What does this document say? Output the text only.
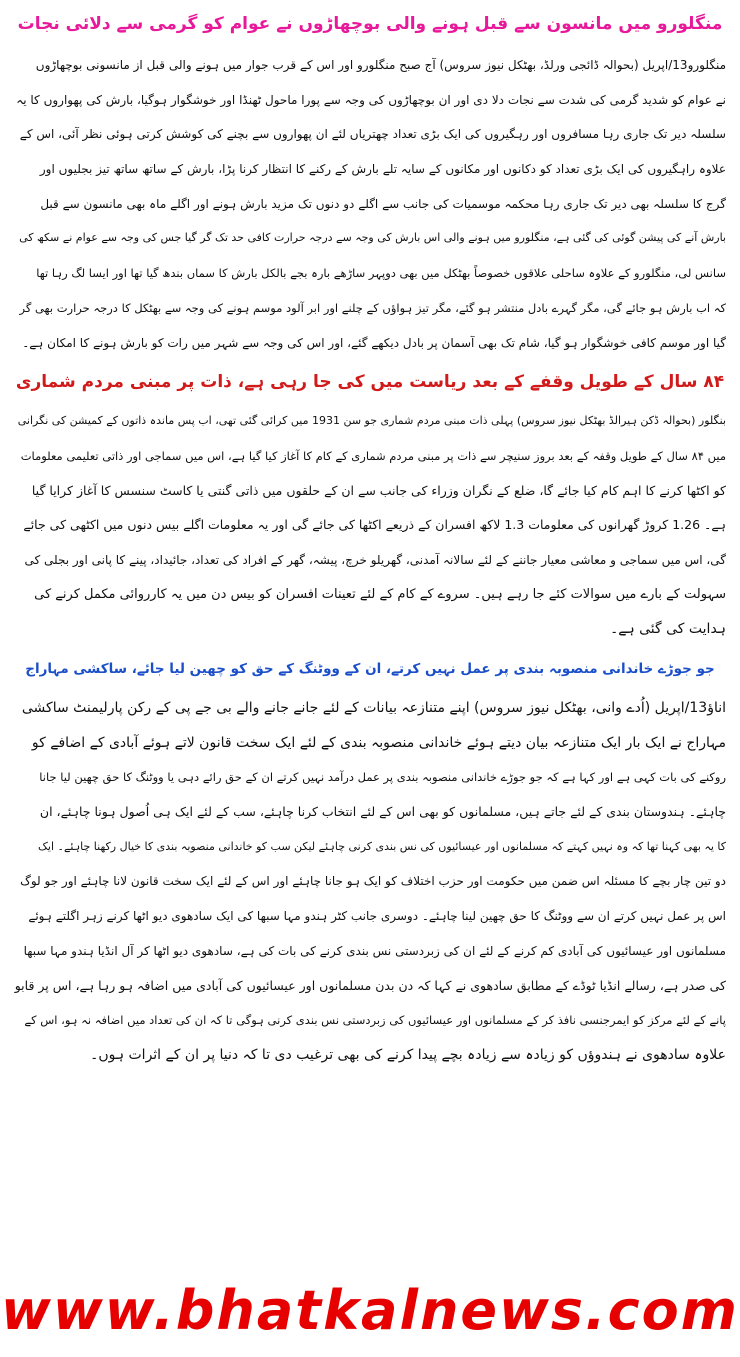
منگلورو میں مانسون سے قبل ہونے والی بوچھاڑوں نے عوام کو گرمی سے دلائی نجات
منگلورو13/اپریل (بحوالہ ڈائجی ورلڈ، بھٹکل نیوز سروس) آج صبح منگلورو اور اس کے قرب جوار میں ہونے والی قبل از مانسونی بوچھاڑوں
نے عوام کو شدید گرمی کی شدت سے نجات دلا دی اور ان بوچھاڑوں کی وجہ سے پورا ماحول ٹھنڈا اور خوشگوار ہوگیا، بارش کی پھواروں کا یہ
سلسلہ دیر تک جاری رہا مسافروں اور رہگیروں کی ایک بڑی تعداد چھتریاں لئے ان پھواروں سے بچنے کی کوشش کرتی ہوئی نظر آئی، اس کے
علاوہ راہگیروں کی ایک بڑی تعداد کو دکانوں اور مکانوں کے سایہ تلے بارش کے رکنے کا انتظار کرنا پڑا، بارش کے ساتھ ساتھ تیز بجلیوں اور
گرج کا سلسلہ بھی دیر تک جاری رہا محکمہ موسمیات کی جانب سے اگلے دو دنوں تک مزید بارش ہونے اور اگلے ماہ بھی مانسون سے قبل
بارش آنے کی پیشن گوئی کی گئی ہے، منگلورو میں ہونے والی اس بارش کی وجہ سے درجہ حرارت کافی حد تک گر گیا جس کی وجہ سے عوام نے سکھ کی
سانس لی، منگلورو کے علاوہ ساحلی علاقوں خصوصاً بھٹکل میں بھی دوپہر ساڑھے بارہ بجے بالکل بارش کا سماں بندھ گیا تھا اور ایسا لگ رہا تھا
کہ اب بارش ہو جائے گی، مگر گہرے بادل منتشر ہو گئے، مگر تیز ہواؤں کے چلنے اور ابر آلود موسم ہونے کی وجہ سے بھٹکل کا درجہ حرارت بھی گر
گیا اور موسم کافی خوشگوار ہو گیا، شام تک بھی آسمان پر بادل دیکھے گئے، اور اس کی وجہ سے شہر میں رات کو بارش ہونے کا امکان ہے۔
۸۴ سال کے طویل وقفے کے بعد ریاست میں کی جا رہی ہے، ذات پر مبنی مردم شماری
بنگلور (بحوالہ ڈکن ہیرالڈ بھٹکل نیوز سروس) پہلی ذات مبنی مردم شماری جو سن 1931 میں کرائی گئی تھی، اب پس ماندہ ذاتوں کے کمیشن کی نگرانی
میں ۸۴ سال کے طویل وقفہ کے بعد بروز سنیچر سے ذات پر مبنی مردم شماری کے کام کا آغاز کیا گیا ہے، اس میں سماجی اور ذاتی تعلیمی معلومات
کو اکٹھا کرنے کا اہم کام کیا جائے گا، ضلع کے نگران وزراء کی جانب سے ان کے حلقوں میں ذاتی گنتی یا کاسٹ سنسس کا آغاز کرایا گیا
ہے۔ 1.26 کروڑ گھرانوں کی معلومات 1.3 لاکھ افسران کے ذریعے اکٹھا کی جائے گی اور یہ معلومات اگلے بیس دنوں میں اکٹھی کی جائے
گی، اس میں سماجی و معاشی معیار جاننے کے لئے سالانہ آمدنی، گھریلو خرچ، پیشہ، گھر کے افراد کی تعداد، جائیداد، پینے کا پانی اور بجلی کی
سہولت کے بارے میں سوالات کئے جا رہے ہیں۔ سروے کے کام کے لئے تعینات افسران کو بیس دن میں یہ کارروائی مکمل کرنے کی
ہدایت کی گئی ہے۔
جو جوڑے خاندانی منصوبہ بندی پر عمل نہیں کرتے، ان کے ووٹنگ کے حق کو چھین لیا جائے، ساکشی مہاراج
اناؤ13/اپریل (اُدے وانی، بھٹکل نیوز سروس) اپنے متنازعہ بیانات کے لئے جانے جانے والے بی جے پی کے رکن پارلیمنٹ ساکشی
مہاراج نے ایک بار ایک متنازعہ بیان دیتے ہوئے خاندانی منصوبہ بندی کے لئے ایک سخت قانون لاتے ہوئے آبادی کے اضافے کو
روکنے کی بات کہی ہے اور کہا ہے کہ جو جوڑے خاندانی منصوبہ بندی پر عمل درآمد نہیں کرتے ان کے حق رائے دہی یا ووٹنگ کا حق چھین لیا جانا
چاہئے۔ ہندوستان بندی کے لئے جاتے ہیں، مسلمانوں کو بھی اس کے لئے انتخاب کرنا چاہئے، سب کے لئے ایک ہی اُصول ہونا چاہئے، ان
کا یہ بھی کہنا تھا کہ وہ نہیں کہتے کہ مسلمانوں اور عیسائیوں کی نس بندی کرنی چاہئے لیکن سب کو خاندانی منصوبہ بندی کا خیال رکھنا چاہئے۔ ایک
دو تین چار بچے کا مسئلہ اس ضمن میں حکومت اور حزب اختلاف کو ایک ہو جانا چاہئے اور اس کے لئے ایک سخت قانون لانا چاہئے اور جو لوگ
اس پر عمل نہیں کرتے ان سے ووٹنگ کا حق چھین لینا چاہئے۔ دوسری جانب کٹر ہندو مہا سبھا کی ایک سادھوی دیو اٹھا کرنے زہر اگلتے ہوئے
مسلمانوں اور عیسائیوں کی آبادی کم کرنے کے لئے ان کی زبردستی نس بندی کرنے کی بات کی ہے، سادھوی دیو اٹھا کر آل انڈیا ہندو مہا سبھا
کی صدر ہے، رسالے انڈیا ٹوڈے کے مطابق سادھوی نے کہا کہ دن بدن مسلمانوں اور عیسائیوں کی آبادی میں اضافہ ہو رہا ہے، اس پر قابو
پانے کے لئے مرکز کو ایمرجنسی نافذ کر کے مسلمانوں اور عیسائیوں کی زبردستی نس بندی کرنی ہوگی تا کہ ان کی تعداد میں اضافہ نہ ہو، اس کے
علاوہ سادھوی نے ہندوؤں کو زیادہ سے زیادہ بچے پیدا کرنے کی بھی ترغیب دی تا کہ دنیا پر ان کے اثرات ہوں۔
www.bhatkalnews.com
